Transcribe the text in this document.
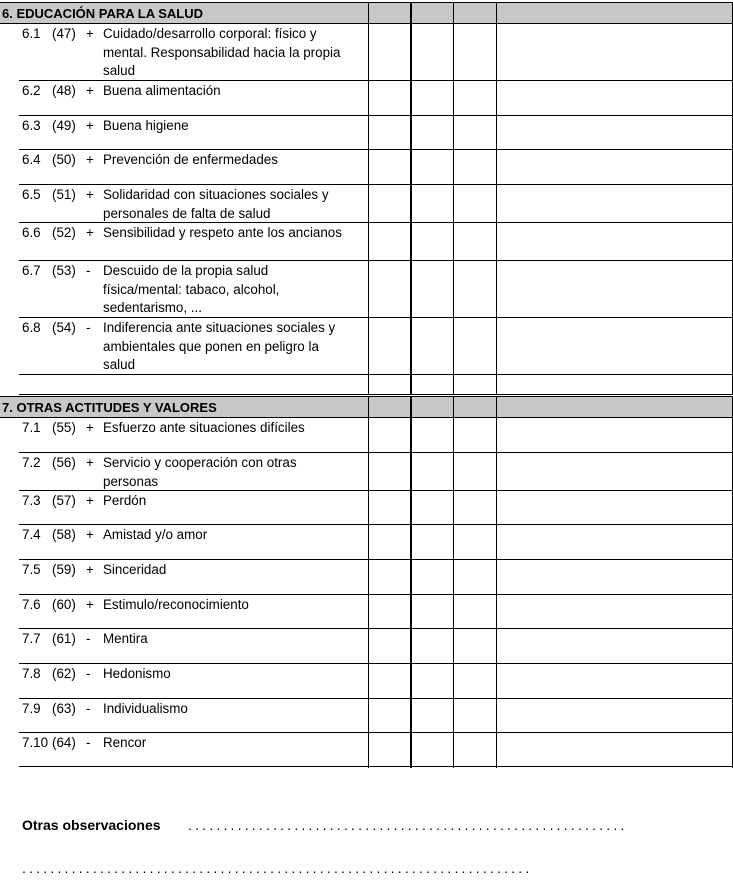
6. EDUCACIÓN PARA LA SALUD
6.1 (47) + Cuidado/desarrollo corporal: físico y
mental. Responsabilidad hacia la propia
salud
6.2 (48) + Buena alimentación
6.3 (49) + Buena higiene
6.4 (50) + Prevención de enfermedades
6.5 (51) + Solidaridad con situaciones sociales y
personales de falta de salud
6.6 (52) + Sensibilidad y respeto ante los ancianos
6.7 (53) - Descuido de la propia salud
física/mental: tabaco, alcohol,
sedentarismo, ...
6.8 (54) - Indiferencia ante situaciones sociales y
ambientales que ponen en peligro la
salud
7. OTRAS ACTITUDES Y VALORES
7.1 (55) + Esfuerzo ante situaciones difíciles
7.2 (56) + Servicio y cooperación con otras
personas
7.3 (57) + Perdón
7.4 (58) + Amistad y/o amor
7.5 (59) + Sinceridad
7.6 (60) + Estimulo/reconocimiento
7.7 (61) - Mentira
7.8 (62) - Hedonismo
7.9 (63) - Individualismo
7.10 (64) - Rencor
Otras observaciones ..............................................................
........................................................................
